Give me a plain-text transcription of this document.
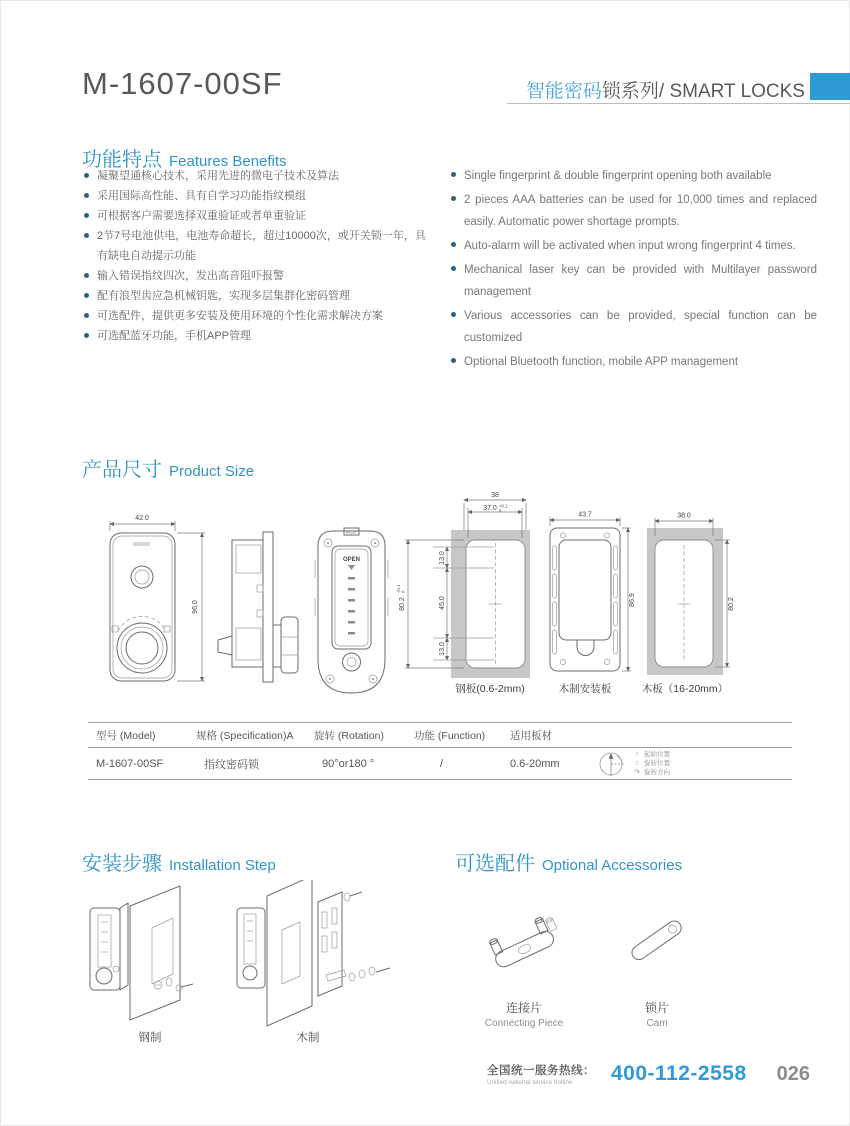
M-1607-00SF	智能密码锁系列/ SMART LOCKS
功能特点 Features Benefits
凝聚望通核心技术，采用先进的微电子技术及算法
采用国际高性能、具有自学习功能指纹模组
可根据客户需要选择双重验证或者单重验证
2节7号电池供电，电池寿命超长，超过10000次，或开关锁一年，具有缺电自动提示功能
输入错误指纹四次，发出高音阻吓报警
配有浪型齿应急机械钥匙，实现多层集群化密码管理
可选配件，提供更多安装及使用环境的个性化需求解决方案
可选配蓝牙功能，手机APP管理
Single fingerprint & double fingerprint opening both available
2 pieces AAA batteries can be used for 10,000 times and replaced easily. Automatic power shortage prompts.
Auto-alarm will be activated when input wrong fingerprint 4 times.
Mechanical laser key can be provided with Multilayer password management
Various accessories can be provided, special function can be customized
Optional Bluetooth function, mobile APP management
产品尺寸 Product Size
42.0
96.0
RESET
OPEN
38
37.0 +0.1
0
80.2
+0.1 0
13.0
45.0
13.0
钢板(0.6-2mm)
43.7
86.9
木制安装板
38.0
80.2
木板（16-20mm）
型号 (Model)	规格 (Specification)A	旋转 (Rotation)	功能 (Function)	适用板材
M-1607-00SF	指纹密码锁	90°or180 °	/	0.6-20mm
↑ 起始位置
↑ 旋转位置
↷ 旋转方向
安装步骤 Installation Step	可选配件 Optional Accessories
钢制	木制
连接片
Connecting Piece
锁片
Cam
全国统一服务热线：
Unified national service hotline 400-112-2558 026
